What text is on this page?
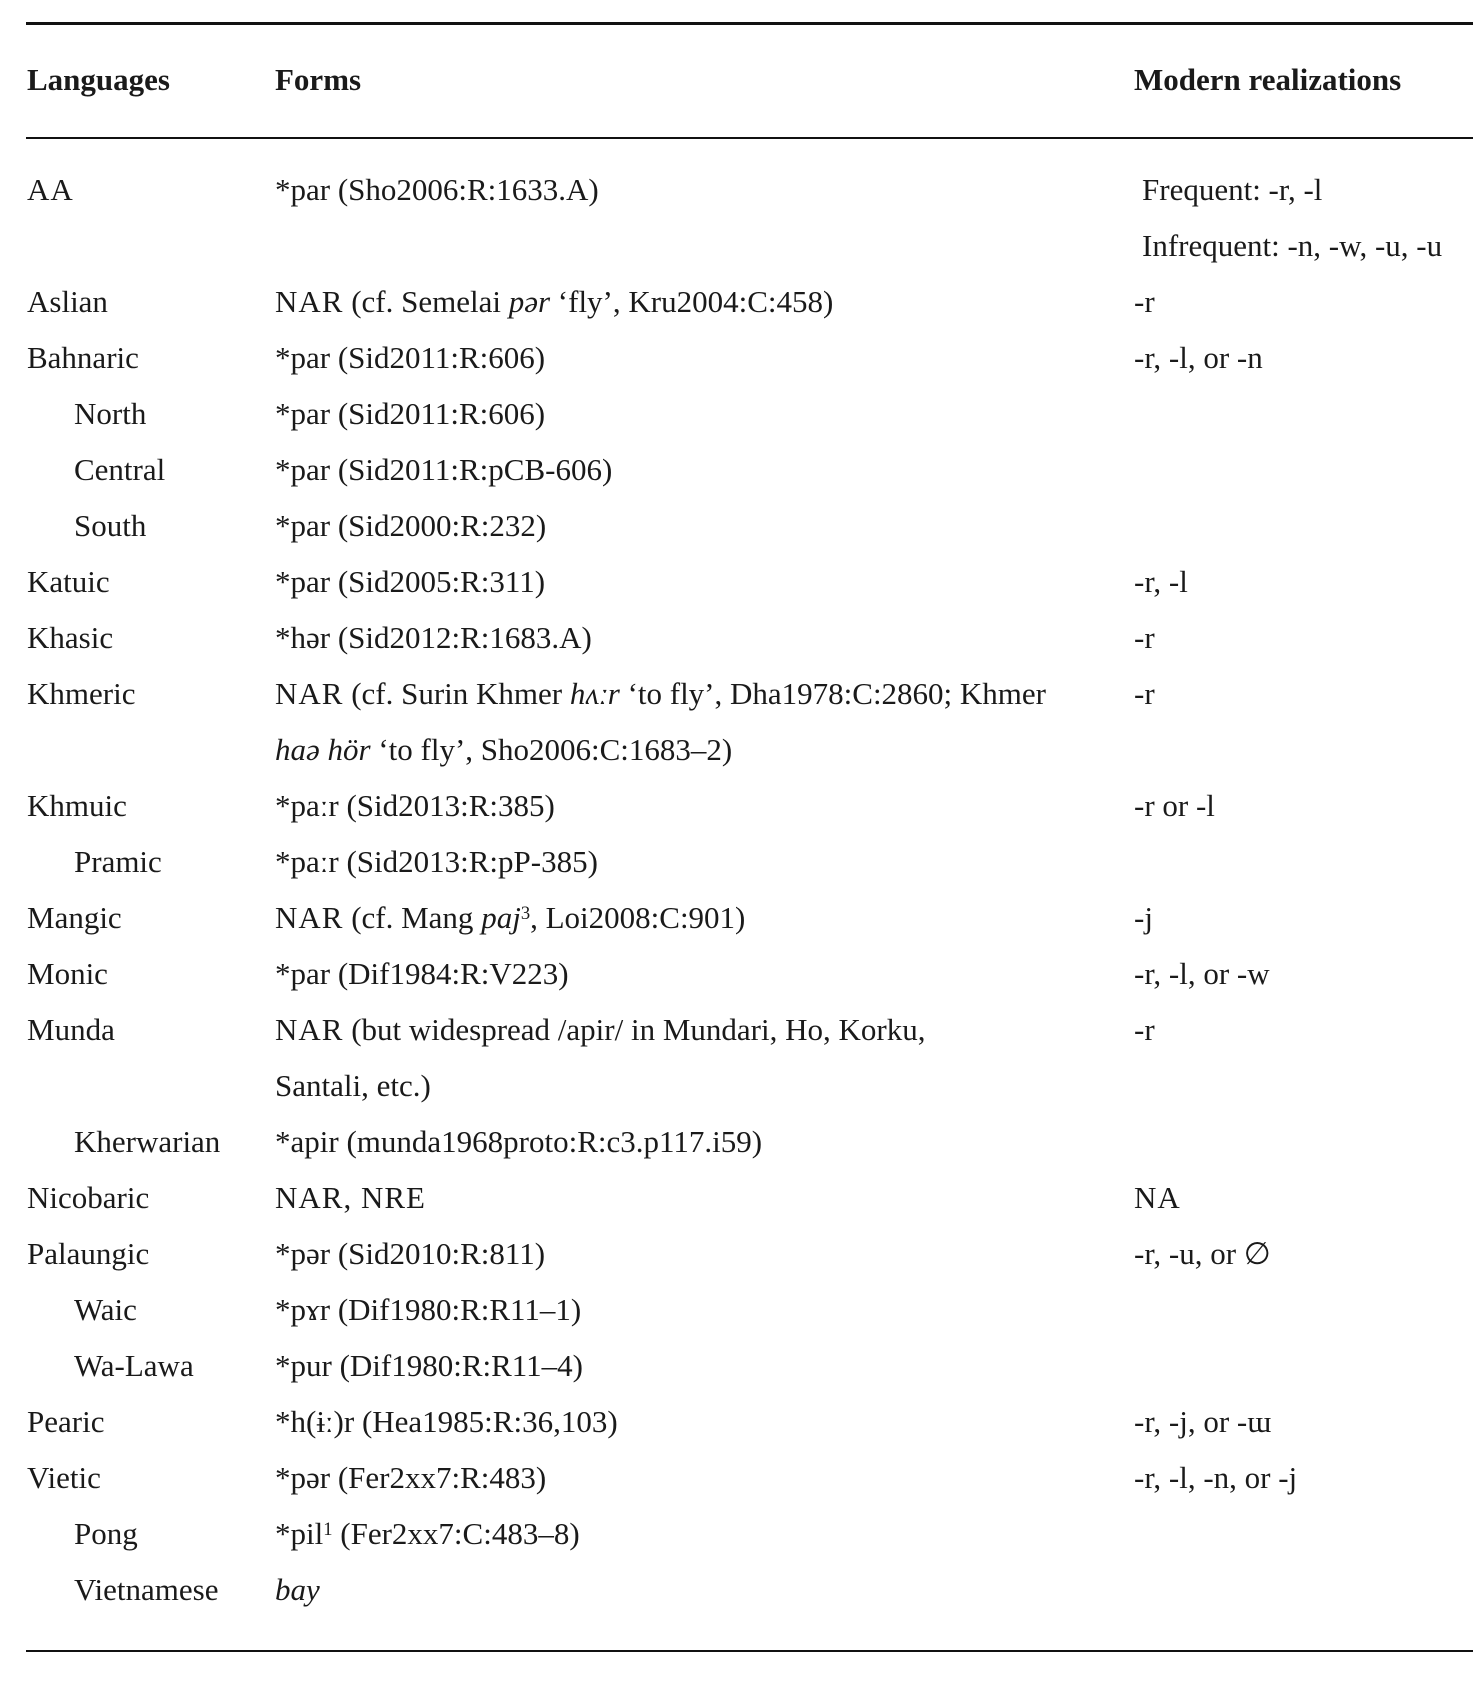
Languages	Forms	Modern realizations
AA	*par (Sho2006:R:1633.A)	Frequent: -r, -l
Infrequent: -n, -w, -u, -u
Aslian	NAR (cf. Semelai pər ‘fly’, Kru2004:C:458)	-r
Bahnaric	*par (Sid2011:R:606)	-r, -l, or -n
North	*par (Sid2011:R:606)
Central	*par (Sid2011:R:pCB-606)
South	*par (Sid2000:R:232)
Katuic	*par (Sid2005:R:311)	-r, -l
Khasic	*hər (Sid2012:R:1683.A)	-r
Khmeric	NAR (cf. Surin Khmer hʌːr ‘to fly’, Dha1978:C:2860; Khmer	-r
haə hör ‘to fly’, Sho2006:C:1683–2)
Khmuic	*paːr (Sid2013:R:385)	-r or -l
Pramic	*paːr (Sid2013:R:pP-385)
Mangic	NAR (cf. Mang paj$^3$, Loi2008:C:901)	-j
Monic	*par (Dif1984:R:V223)	-r, -l, or -w
Munda	NAR (but widespread /apir/ in Mundari, Ho, Korku,	-r
Santali, etc.)
Kherwarian *apir (munda1968proto:R:c3.p117.i59)
Nicobaric	NAR, NRE	NA
Palaungic	*pər (Sid2010:R:811)	-r, -u, or ∅
Waic	*pɤr (Dif1980:R:R11–1)
Wa-Lawa	*pur (Dif1980:R:R11–4)
Pearic	*h(ɨː)r (Hea1985:R:36,103)	-r, -j, or -ɯ
Vietic	*pər (Fer2xx7:R:483)	-r, -l, -n, or -j
Pong	*pil$^1$ (Fer2xx7:C:483–8)
Vietnamese bay
